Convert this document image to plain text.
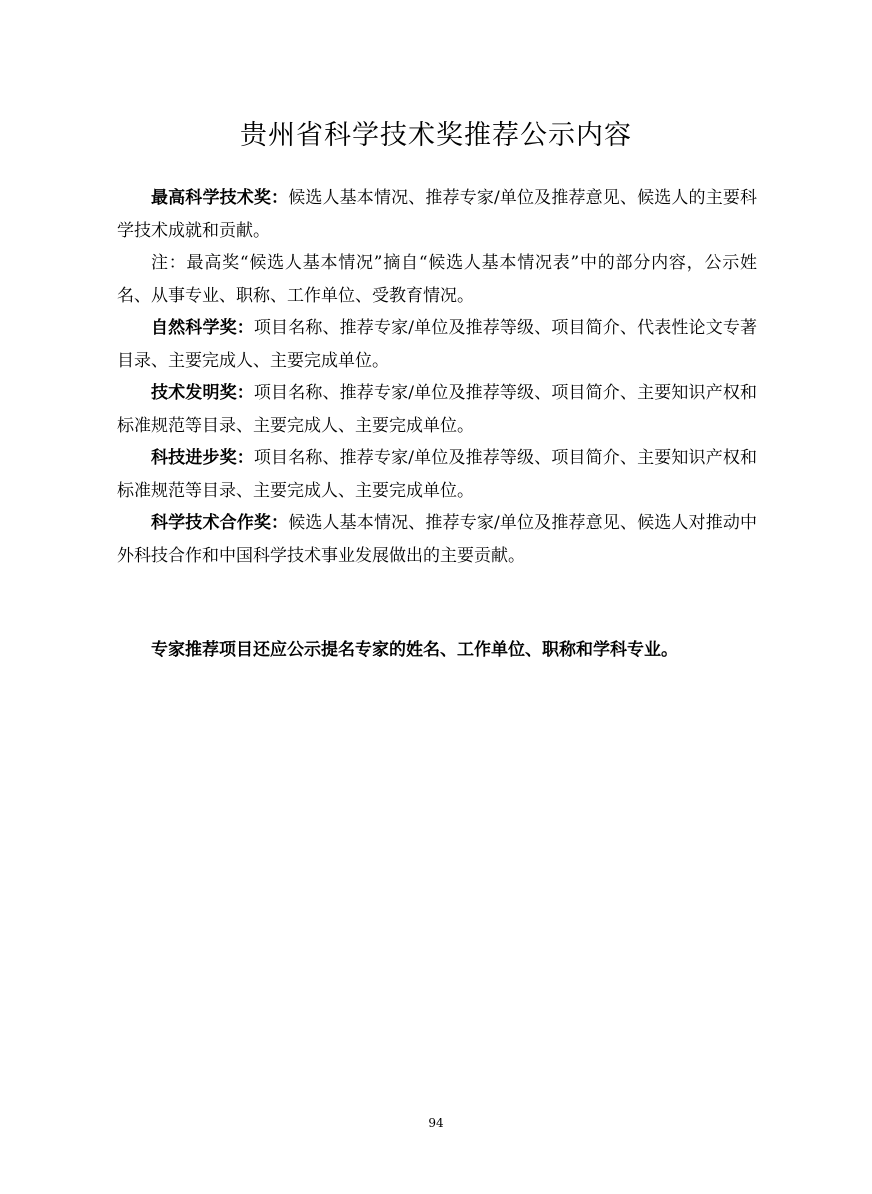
贵州省科学技术奖推荐公示内容

最高科学技术奖：候选人基本情况、推荐专家/单位及推荐意见、候选人的主要科学技术成就和贡献。

注：最高奖“候选人基本情况”摘自“候选人基本情况表”中的部分内容，公示姓名、从事专业、职称、工作单位、受教育情况。

自然科学奖：项目名称、推荐专家/单位及推荐等级、项目简介、代表性论文专著目录、主要完成人、主要完成单位。

技术发明奖：项目名称、推荐专家/单位及推荐等级、项目简介、主要知识产权和标准规范等目录、主要完成人、主要完成单位。

科技进步奖：项目名称、推荐专家/单位及推荐等级、项目简介、主要知识产权和标准规范等目录、主要完成人、主要完成单位。

科学技术合作奖：候选人基本情况、推荐专家/单位及推荐意见、候选人对推动中外科技合作和中国科学技术事业发展做出的主要贡献。

专家推荐项目还应公示提名专家的姓名、工作单位、职称和学科专业。

94
